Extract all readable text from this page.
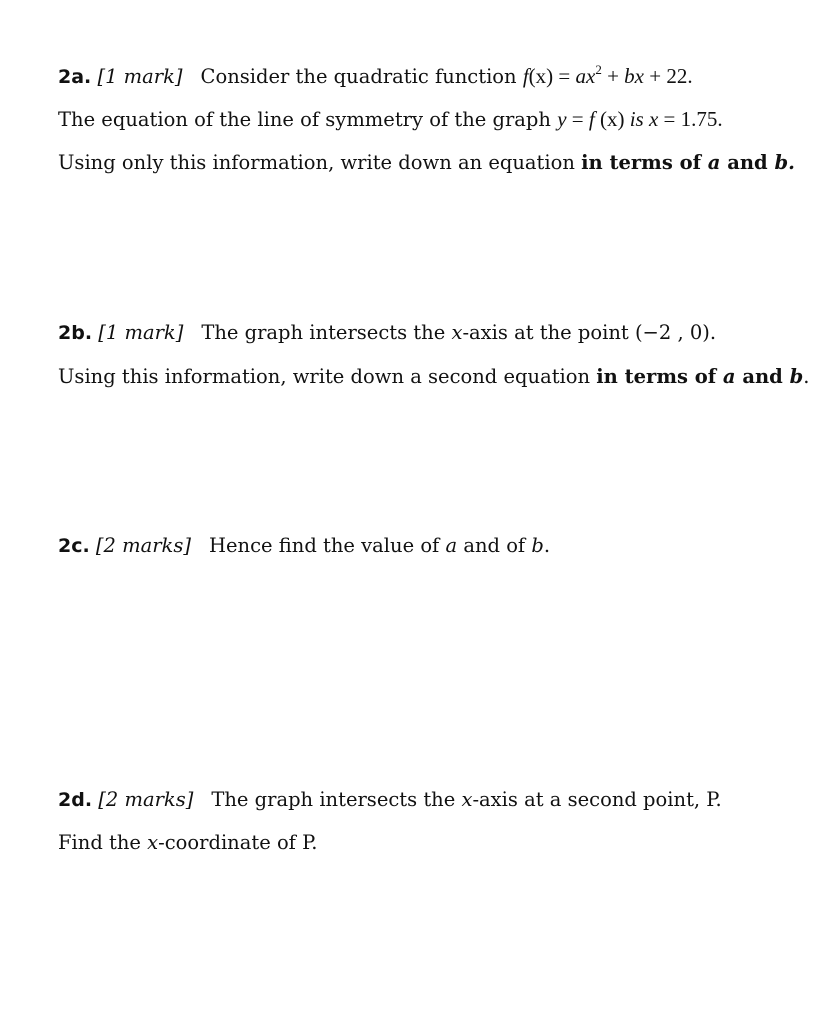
2a. [1 mark] Consider the quadratic function $f(x) = ax^2$ + bx + 22.
The equation of the line of symmetry of the graph y = f (x) is x = 1.75.
Using only this information, write down an equation in terms of a and b.
2b. [1 mark] The graph intersects the x-axis at the point (−2 , 0).
Using this information, write down a second equation in terms of a and b.
2c. [2 marks] Hence find the value of a and of b.
2d. [2 marks] The graph intersects the x-axis at a second point, P.
Find the x-coordinate of P.
